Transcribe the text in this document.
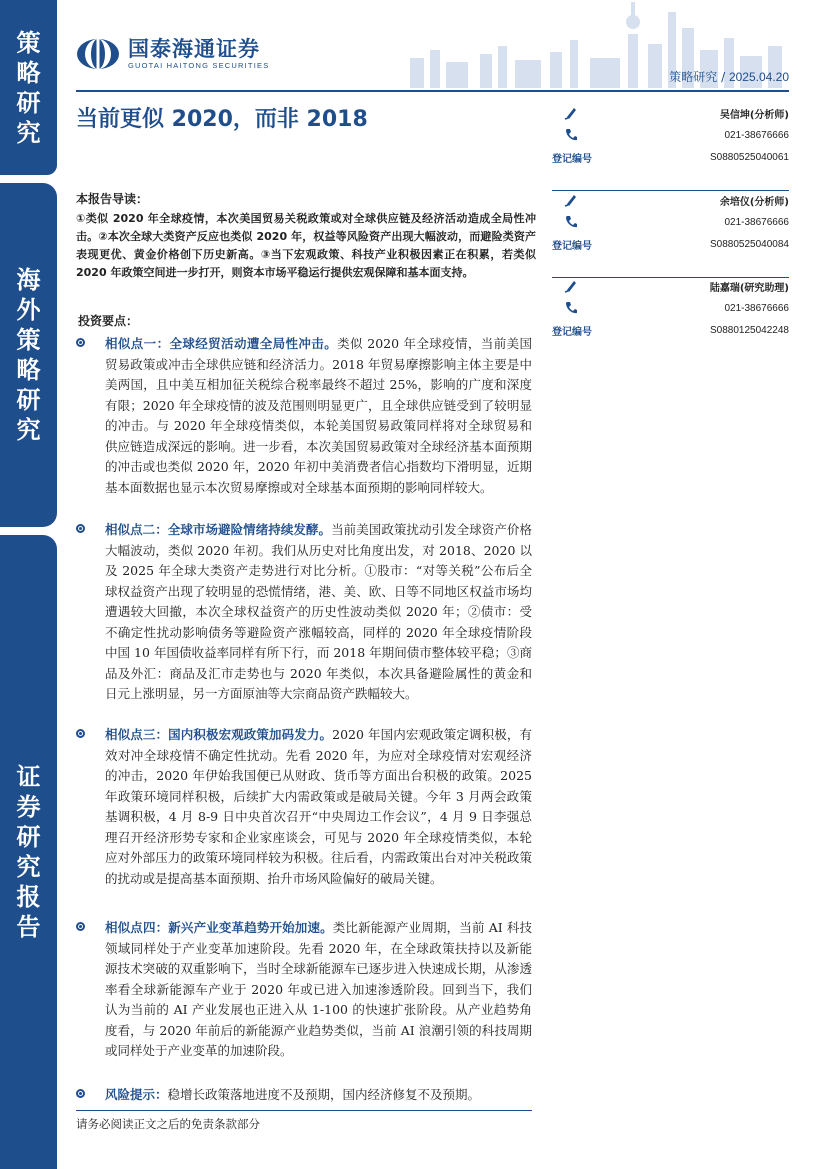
策
略
研
究
海
外
策
略
研
究
证
券
研
究
报
告
国泰海通证券
GUOTAI HAITONG SECURITIES
策略研究 / 2025.04.20
当前更似 2020，而非 2018	吴信坤(分析师)
021-38676666
登记编号	S0880525040061
余培仪(分析师)
021-38676666
登记编号	S0880525040084
陆嘉瑞(研究助理)
021-38676666
登记编号	S0880125042248
本报告导读：
①类似 2020 年全球疫情，本次美国贸易关税政策或对全球供应链及经济活动造成全局性冲击。②本次全球大类资产反应也类似 2020 年，权益等风险资产出现大幅波动，而避险类资产表现更优、黄金价格创下历史新高。③当下宏观政策、科技产业积极因素正在积累，若类似 2020 年政策空间进一步打开，则资本市场平稳运行提供宏观保障和基本面支持。
投资要点：

相似点一：全球经贸活动遭全局性冲击。类似 2020 年全球疫情，当前美国贸易政策或冲击全球供应链和经济活力。2018 年贸易摩擦影响主体主要是中美两国，且中美互相加征关税综合税率最终不超过 25%，影响的广度和深度有限；2020 年全球疫情的波及范围则明显更广，且全球供应链受到了较明显的冲击。与 2020 年全球疫情类似，本轮美国贸易政策同样将对全球贸易和供应链造成深远的影响。进一步看，本次美国贸易政策对全球经济基本面预期的冲击或也类似 2020 年，2020 年初中美消费者信心指数均下滑明显，近期基本面数据也显示本次贸易摩擦或对全球基本面预期的影响同样较大。

相似点二：全球市场避险情绪持续发酵。当前美国政策扰动引发全球资产价格大幅波动，类似 2020 年初。我们从历史对比角度出发，对 2018、2020 以及 2025 年全球大类资产走势进行对比分析。①股市：“对等关税”公布后全球权益资产出现了较明显的恐慌情绪，港、美、欧、日等不同地区权益市场均遭遇较大回撤，本次全球权益资产的历史性波动类似 2020 年；②债市：受不确定性扰动影响债务等避险资产涨幅较高，同样的 2020 年全球疫情阶段中国 10 年国债收益率同样有所下行，而 2018 年期间债市整体较平稳；③商品及外汇：商品及汇市走势也与 2020 年类似，本次具备避险属性的黄金和日元上涨明显，另一方面原油等大宗商品资产跌幅较大。

相似点三：国内积极宏观政策加码发力。2020 年国内宏观政策定调积极，有效对冲全球疫情不确定性扰动。先看 2020 年，为应对全球疫情对宏观经济的冲击，2020 年伊始我国便已从财政、货币等方面出台积极的政策。2025 年政策环境同样积极，后续扩大内需政策或是破局关键。今年 3 月两会政策基调积极，4 月 8-9 日中央首次召开“中央周边工作会议”，4 月 9 日李强总理召开经济形势专家和企业家座谈会，可见与 2020 年全球疫情类似，本轮应对外部压力的政策环境同样较为积极。往后看，内需政策出台对冲关税政策的扰动或是提高基本面预期、抬升市场风险偏好的破局关键。

相似点四：新兴产业变革趋势开始加速。类比新能源产业周期，当前 AI 科技领域同样处于产业变革加速阶段。先看 2020 年，在全球政策扶持以及新能源技术突破的双重影响下，当时全球新能源车已逐步进入快速成长期，从渗透率看全球新能源车产业于 2020 年或已进入加速渗透阶段。回到当下，我们认为当前的 AI 产业发展也正进入从 1-100 的快速扩张阶段。从产业趋势角度看，与 2020 年前后的新能源产业趋势类似，当前 AI 浪潮引领的科技周期或同样处于产业变革的加速阶段。

风险提示：稳增长政策落地进度不及预期，国内经济修复不及预期。

请务必阅读正文之后的免责条款部分
